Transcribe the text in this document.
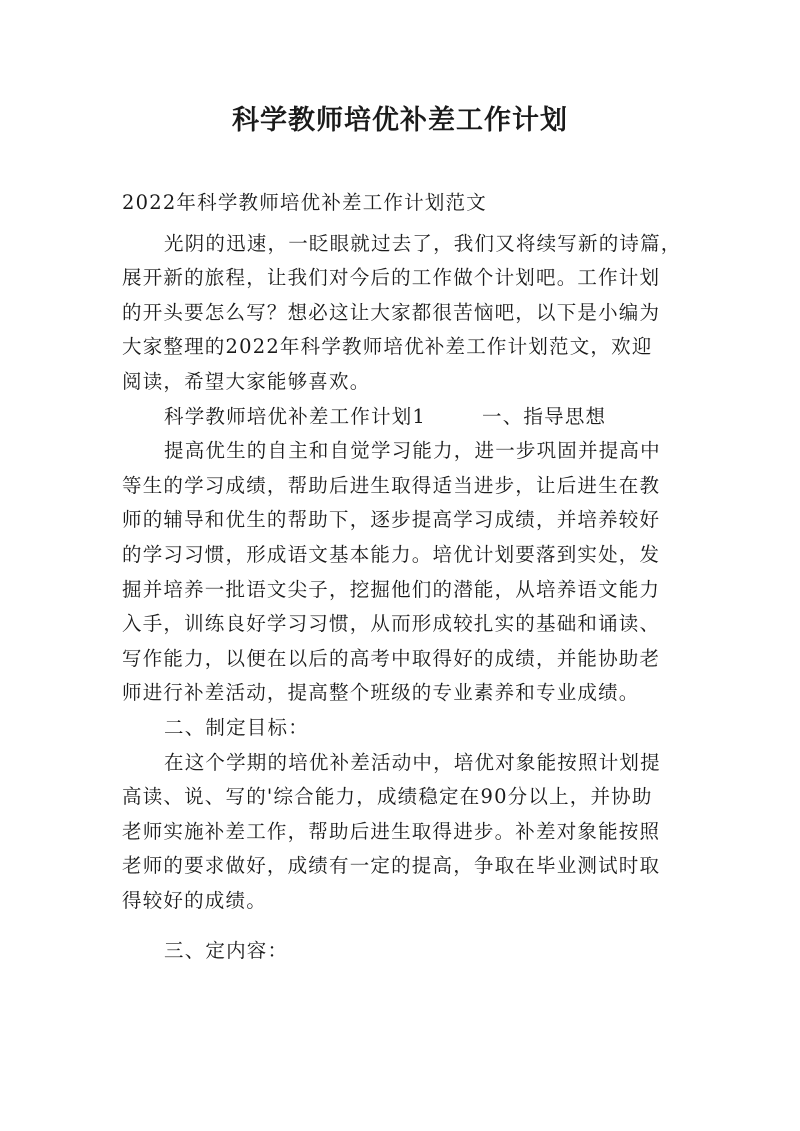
科学教师培优补差工作计划
2022年科学教师培优补差工作计划范文
光阴的迅速，一眨眼就过去了，我们又将续写新的诗篇，
展开新的旅程，让我们对今后的工作做个计划吧。工作计划
的开头要怎么写？想必这让大家都很苦恼吧，以下是小编为
大家整理的2022年科学教师培优补差工作计划范文，欢迎
阅读，希望大家能够喜欢。
科学教师培优补差工作计划1	一、指导思想
提高优生的自主和自觉学习能力，进一步巩固并提高中
等生的学习成绩，帮助后进生取得适当进步，让后进生在教
师的辅导和优生的帮助下，逐步提高学习成绩，并培养较好
的学习习惯，形成语文基本能力。培优计划要落到实处，发
掘并培养一批语文尖子，挖掘他们的潜能，从培养语文能力
入手，训练良好学习习惯，从而形成较扎实的基础和诵读、
写作能力，以便在以后的高考中取得好的成绩，并能协助老
师进行补差活动，提高整个班级的专业素养和专业成绩。
二、制定目标：
在这个学期的培优补差活动中，培优对象能按照计划提
高读、说、写的'综合能力，成绩稳定在90分以上，并协助
老师实施补差工作，帮助后进生取得进步。补差对象能按照
老师的要求做好，成绩有一定的提高，争取在毕业测试时取
得较好的成绩。
三、定内容：
